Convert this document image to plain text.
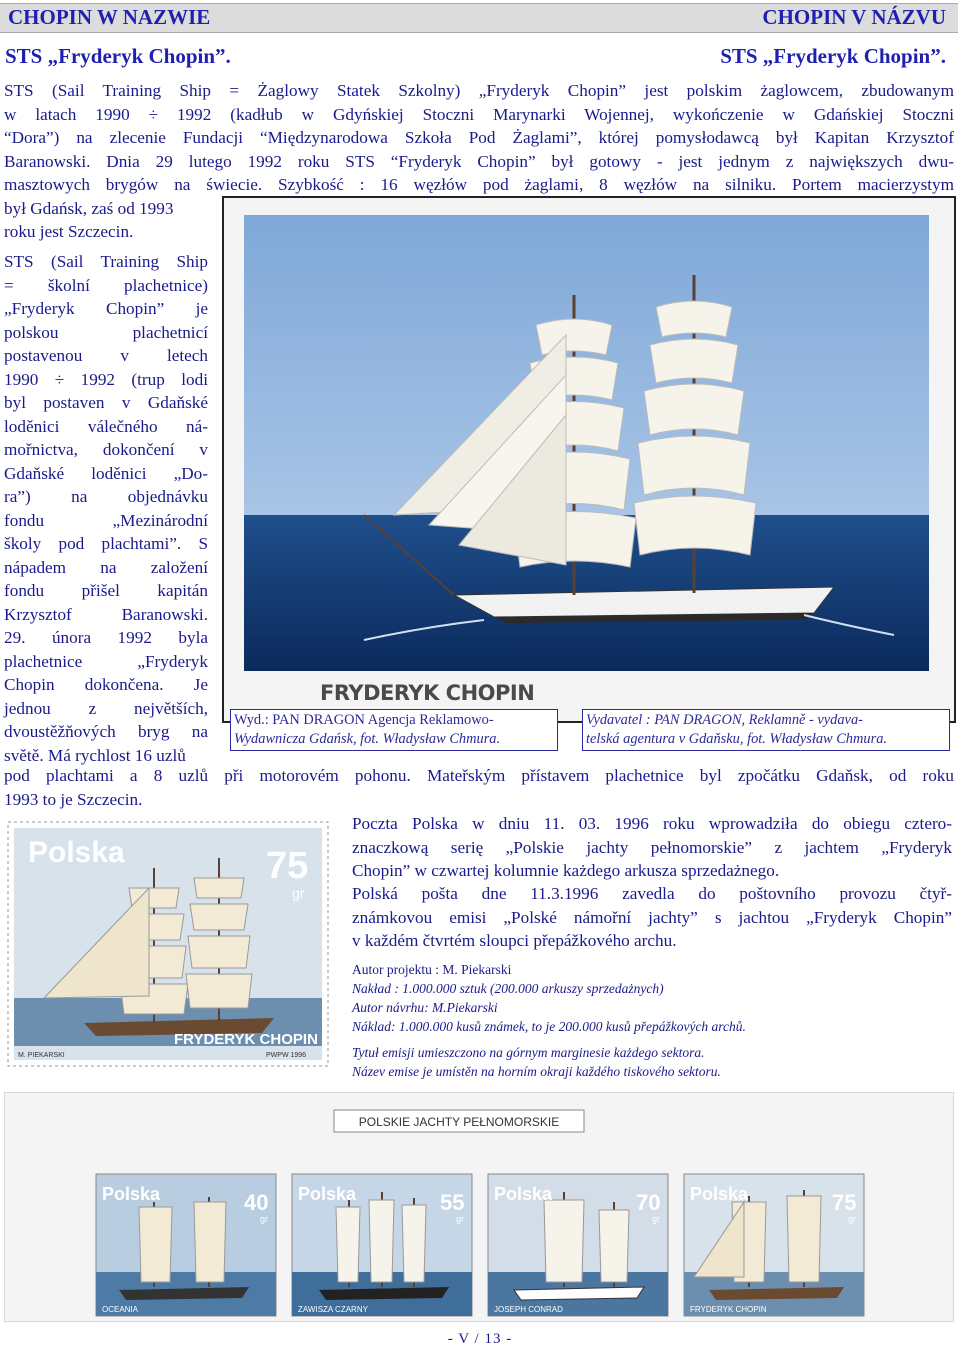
CHOPIN W NAZWIE	CHOPIN V NÁZVU
STS „Fryderyk Chopin”.	STS „Fryderyk Chopin”.
STS (Sail Training Ship = Żaglowy Statek Szkolny) „Fryderyk Chopin” jest polskim żaglowcem, zbudowanym
w latach 1990 ÷ 1992 (kadłub w Gdyńskiej Stoczni Marynarki Wojennej, wykończenie w Gdańskiej Stoczni
“Dora”) na zlecenie Fundacji “Międzynarodowa Szkoła Pod Żaglami”, której pomysłodawcą był Kapitan Krzysztof
Baranowski. Dnia 29 lutego 1992 roku STS “Fryderyk Chopin” był gotowy - jest jednym z największych dwu-
masztowych brygów na świecie. Szybkość : 16 węzłów pod żaglami, 8 węzłów na silniku. Portem macierzystym
był Gdańsk, zaś od 1993
roku jest Szczecin.
STS (Sail Training Ship
= školní plachetnice)
„Fryderyk Chopin” je
polskou plachetnicí
postavenou v letech
1990 ÷ 1992 (trup lodi
byl postaven v Gdaňské
loděnici válečného ná-
mořnictva, dokončení v
Gdaňské loděnici „Do-
ra”) na objednávku
fondu „Mezinárodní
školy pod plachtami”. S
nápadem na založení
fondu přišel kapitán
Krzysztof Baranowski.
29. února 1992 byla
plachetnice „Fryderyk
Chopin dokončena. Je
jednou z největších,
dvoustěžňových bryg na
světě. Má rychlost 16 uzlů
pod plachtami a 8 uzlů při motorovém pohonu. Mateřským přístavem plachetnice byl zpočátku Gdaňsk, od roku
1993 to je Szczecin.
FRYDERYK CHOPIN
Wyd.: PAN DRAGON Agencja Reklamowo-
Wydawnicza Gdańsk, fot. Władysław Chmura.
Vydavatel : PAN DRAGON, Reklamně - vydava-
telská agentura v Gdaňsku, fot. Władysław Chmura.
Polska	75
gr
FRYDERYK CHOPIN
M. PIEKARSKI	PWPW 1996
Poczta Polska w dniu 11. 03. 1996 roku wprowadziła do obiegu cztero-
znaczkową serię „Polskie jachty pełnomorskie” z jachtem „Fryderyk
Chopin” w czwartej kolumnie każdego arkusza sprzedażnego.
Polská pošta dne 11.3.1996 zavedla do poštovního provozu čtyř-
známkovou emisi „Polské námořní jachty” s jachtou „Fryderyk Chopin”
v každém čtvrtém sloupci přepážkového archu.
Autor projektu : M. Piekarski
Nakład : 1.000.000 sztuk (200.000 arkuszy sprzedażnych)
Autor návrhu: M.Piekarski
Náklad: 1.000.000 kusů známek, to je 200.000 kusů přepážkových archů.
Tytuł emisji umieszczono na górnym marginesie każdego sektora.
Název emise je umístěn na horním okraji každého tiskového sektoru.
POLSKIE JACHTY PEŁNOMORSKIE
Polska	40
gr
OCEANIA
Polska	55
gr
ZAWISZA CZARNY
Polska	70
gr
JOSEPH CONRAD
Polska	75
gr
FRYDERYK CHOPIN
- V / 13 -
